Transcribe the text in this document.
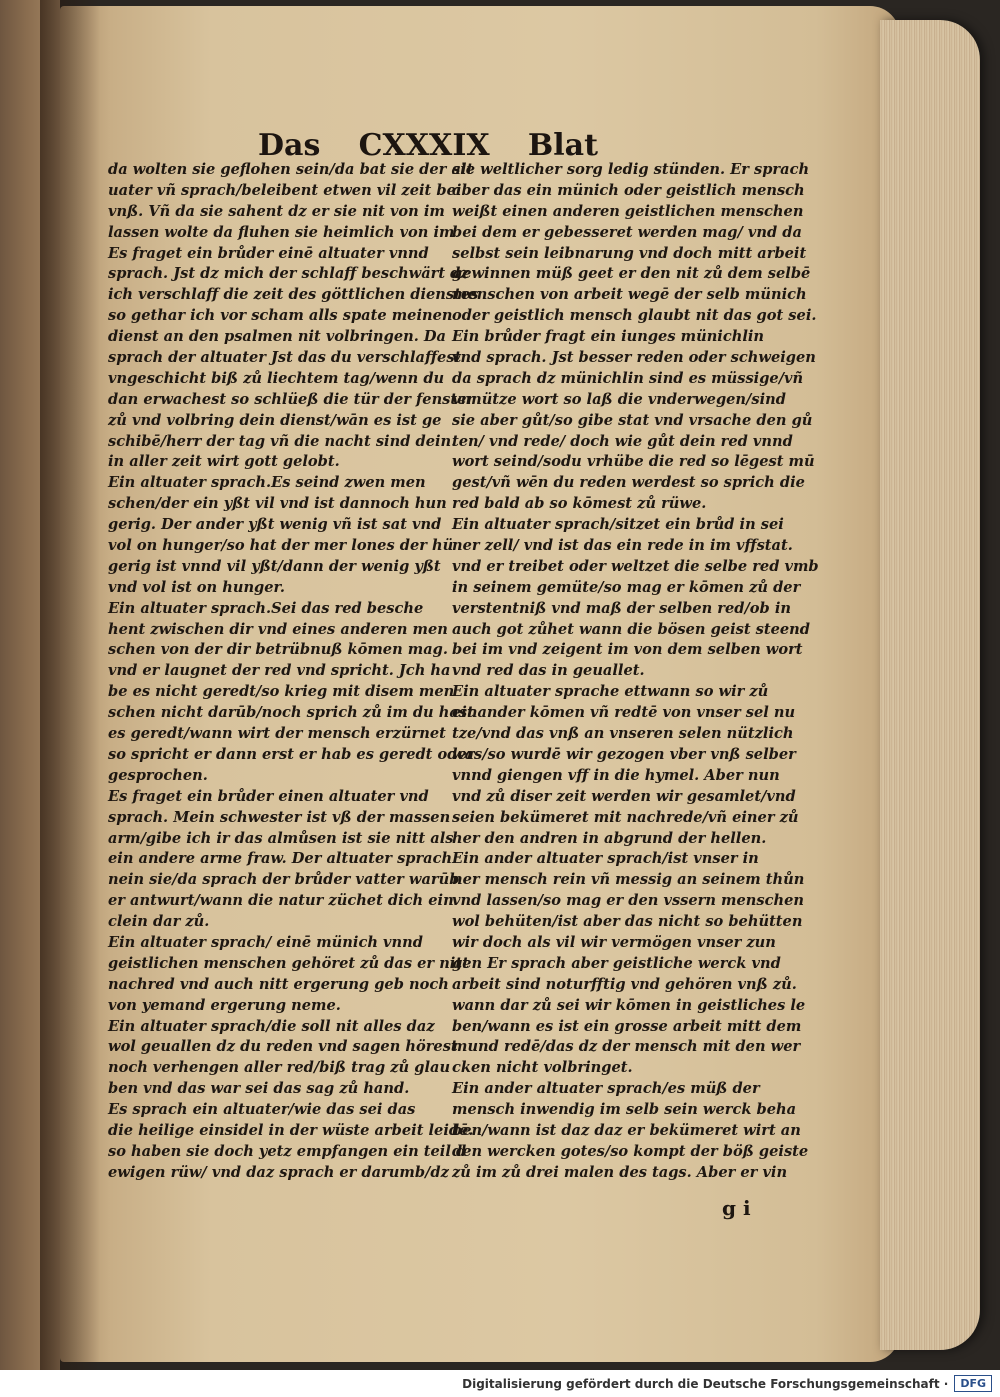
Das CXXXIX Blat
da wolten sie geflohen sein/da bat sie der alt
uater vñ sprach/beleibent etwen vil zeit bei
vnß. Vñ da sie sahent dz er sie nit von im
lassen wolte da fluhen sie heimlich von im
Es fraget ein brůder einē altuater vnnd
sprach. Jst dz mich der schlaff beschwärt dz
ich verschlaff die zeit des göttlichen dienstes
so gethar ich vor scham alls spate meinen
dienst an den psalmen nit volbringen. Da
sprach der altuater Jst das du verschlaffest
vngeschicht biß zů liechtem tag/wenn du
dan erwachest so schlüeß die tür der fenster
zů vnd volbring dein dienst/wān es ist ge
schibē/herr der tag vñ die nacht sind dein.
in aller zeit wirt gott gelobt.
Ein altuater sprach.Es seind zwen men
schen/der ein yßt vil vnd ist dannoch hun
gerig. Der ander yßt wenig vñ ist sat vnd
vol on hunger/so hat der mer lones der hü
gerig ist vnnd vil yßt/dann der wenig yßt
vnd vol ist on hunger.
Ein altuater sprach.Sei das red besche
hent zwischen dir vnd eines anderen men
schen von der dir betrübnuß kōmen mag.
vnd er laugnet der red vnd spricht. Jch ha
be es nicht geredt/so krieg mit disem men
schen nicht darūb/noch sprich zů im du hast
es geredt/wann wirt der mensch erzürnet
so spricht er dann erst er hab es geredt oder
gesprochen.
Es fraget ein brůder einen altuater vnd
sprach. Mein schwester ist vß der massen
arm/gibe ich ir das almůsen ist sie nitt als
ein andere arme fraw. Der altuater sprach
nein sie/da sprach der brůder vatter warūb
er antwurt/wann die natur züchet dich ein
clein dar zů.
Ein altuater sprach/ einē münich vnnd
geistlichen menschen gehöret zů das er nitt
nachred vnd auch nitt ergerung geb noch
von yemand ergerung neme.
Ein altuater sprach/die soll nit alles daz
wol geuallen dz du reden vnd sagen hörest
noch verhengen aller red/biß trag zů glau
ben vnd das war sei das sag zů hand.
Es sprach ein altuater/wie das sei das
die heilige einsidel in der wüste arbeit leidē.
so haben sie doch yetz empfangen ein teil d
ewigen rüw/ vnd daz sprach er darumb/dz
sie weltlicher sorg ledig stünden. Er sprach
aber das ein münich oder geistlich mensch
weißt einen anderen geistlichen menschen
bei dem er gebesseret werden mag/ vnd da
selbst sein leibnarung vnd doch mitt arbeit
gewinnen müß geet er den nit zů dem selbē
menschen von arbeit wegē der selb münich
oder geistlich mensch glaubt nit das got sei.
Ein brůder fragt ein iunges münichlin
vnd sprach. Jst besser reden oder schweigen
da sprach dz münichlin sind es müssige/vñ
vnnütze wort so laß die vnderwegen/sind
sie aber gůt/so gibe stat vnd vrsache den gů
ten/ vnd rede/ doch wie gůt dein red vnnd
wort seind/sodu vrhübe die red so lēgest mū
gest/vñ wēn du reden werdest so sprich die
red bald ab so kōmest zů rüwe.
Ein altuater sprach/sitzet ein brůd in sei
ner zell/ vnd ist das ein rede in im vffstat.
vnd er treibet oder weltzet die selbe red vmb
in seinem gemüte/so mag er kōmen zů der
verstentniß vnd maß der selben red/ob in
auch got zůhet wann die bösen geist steend
bei im vnd zeigent im von dem selben wort
vnd red das in geuallet.
Ein altuater sprache ettwann so wir zů
einander kōmen vñ redtē von vnser sel nu
tze/vnd das vnß an vnseren selen nützlich
was/so wurdē wir gezogen vber vnß selber
vnnd giengen vff in die hymel. Aber nun
vnd zů diser zeit werden wir gesamlet/vnd
seien bekümeret mit nachrede/vñ einer zů
her den andren in abgrund der hellen.
Ein ander altuater sprach/ist vnser in
ner mensch rein vñ messig an seinem thůn
vnd lassen/so mag er den vssern menschen
wol behüten/ist aber das nicht so behütten
wir doch als vil wir vermögen vnser zun
gen Er sprach aber geistliche werck vnd
arbeit sind noturfftig vnd gehören vnß zů.
wann dar zů sei wir kōmen in geistliches le
ben/wann es ist ein grosse arbeit mitt dem
mund redē/das dz der mensch mit den wer
cken nicht volbringet.
Ein ander altuater sprach/es müß der
mensch inwendig im selb sein werck beha
ben/wann ist daz daz er bekümeret wirt an
den wercken gotes/so kompt der böß geiste
zů im zů drei malen des tags. Aber er vin
g i
Digitalisierung gefördert durch die Deutsche Forschungsgemeinschaft ·	DFG
